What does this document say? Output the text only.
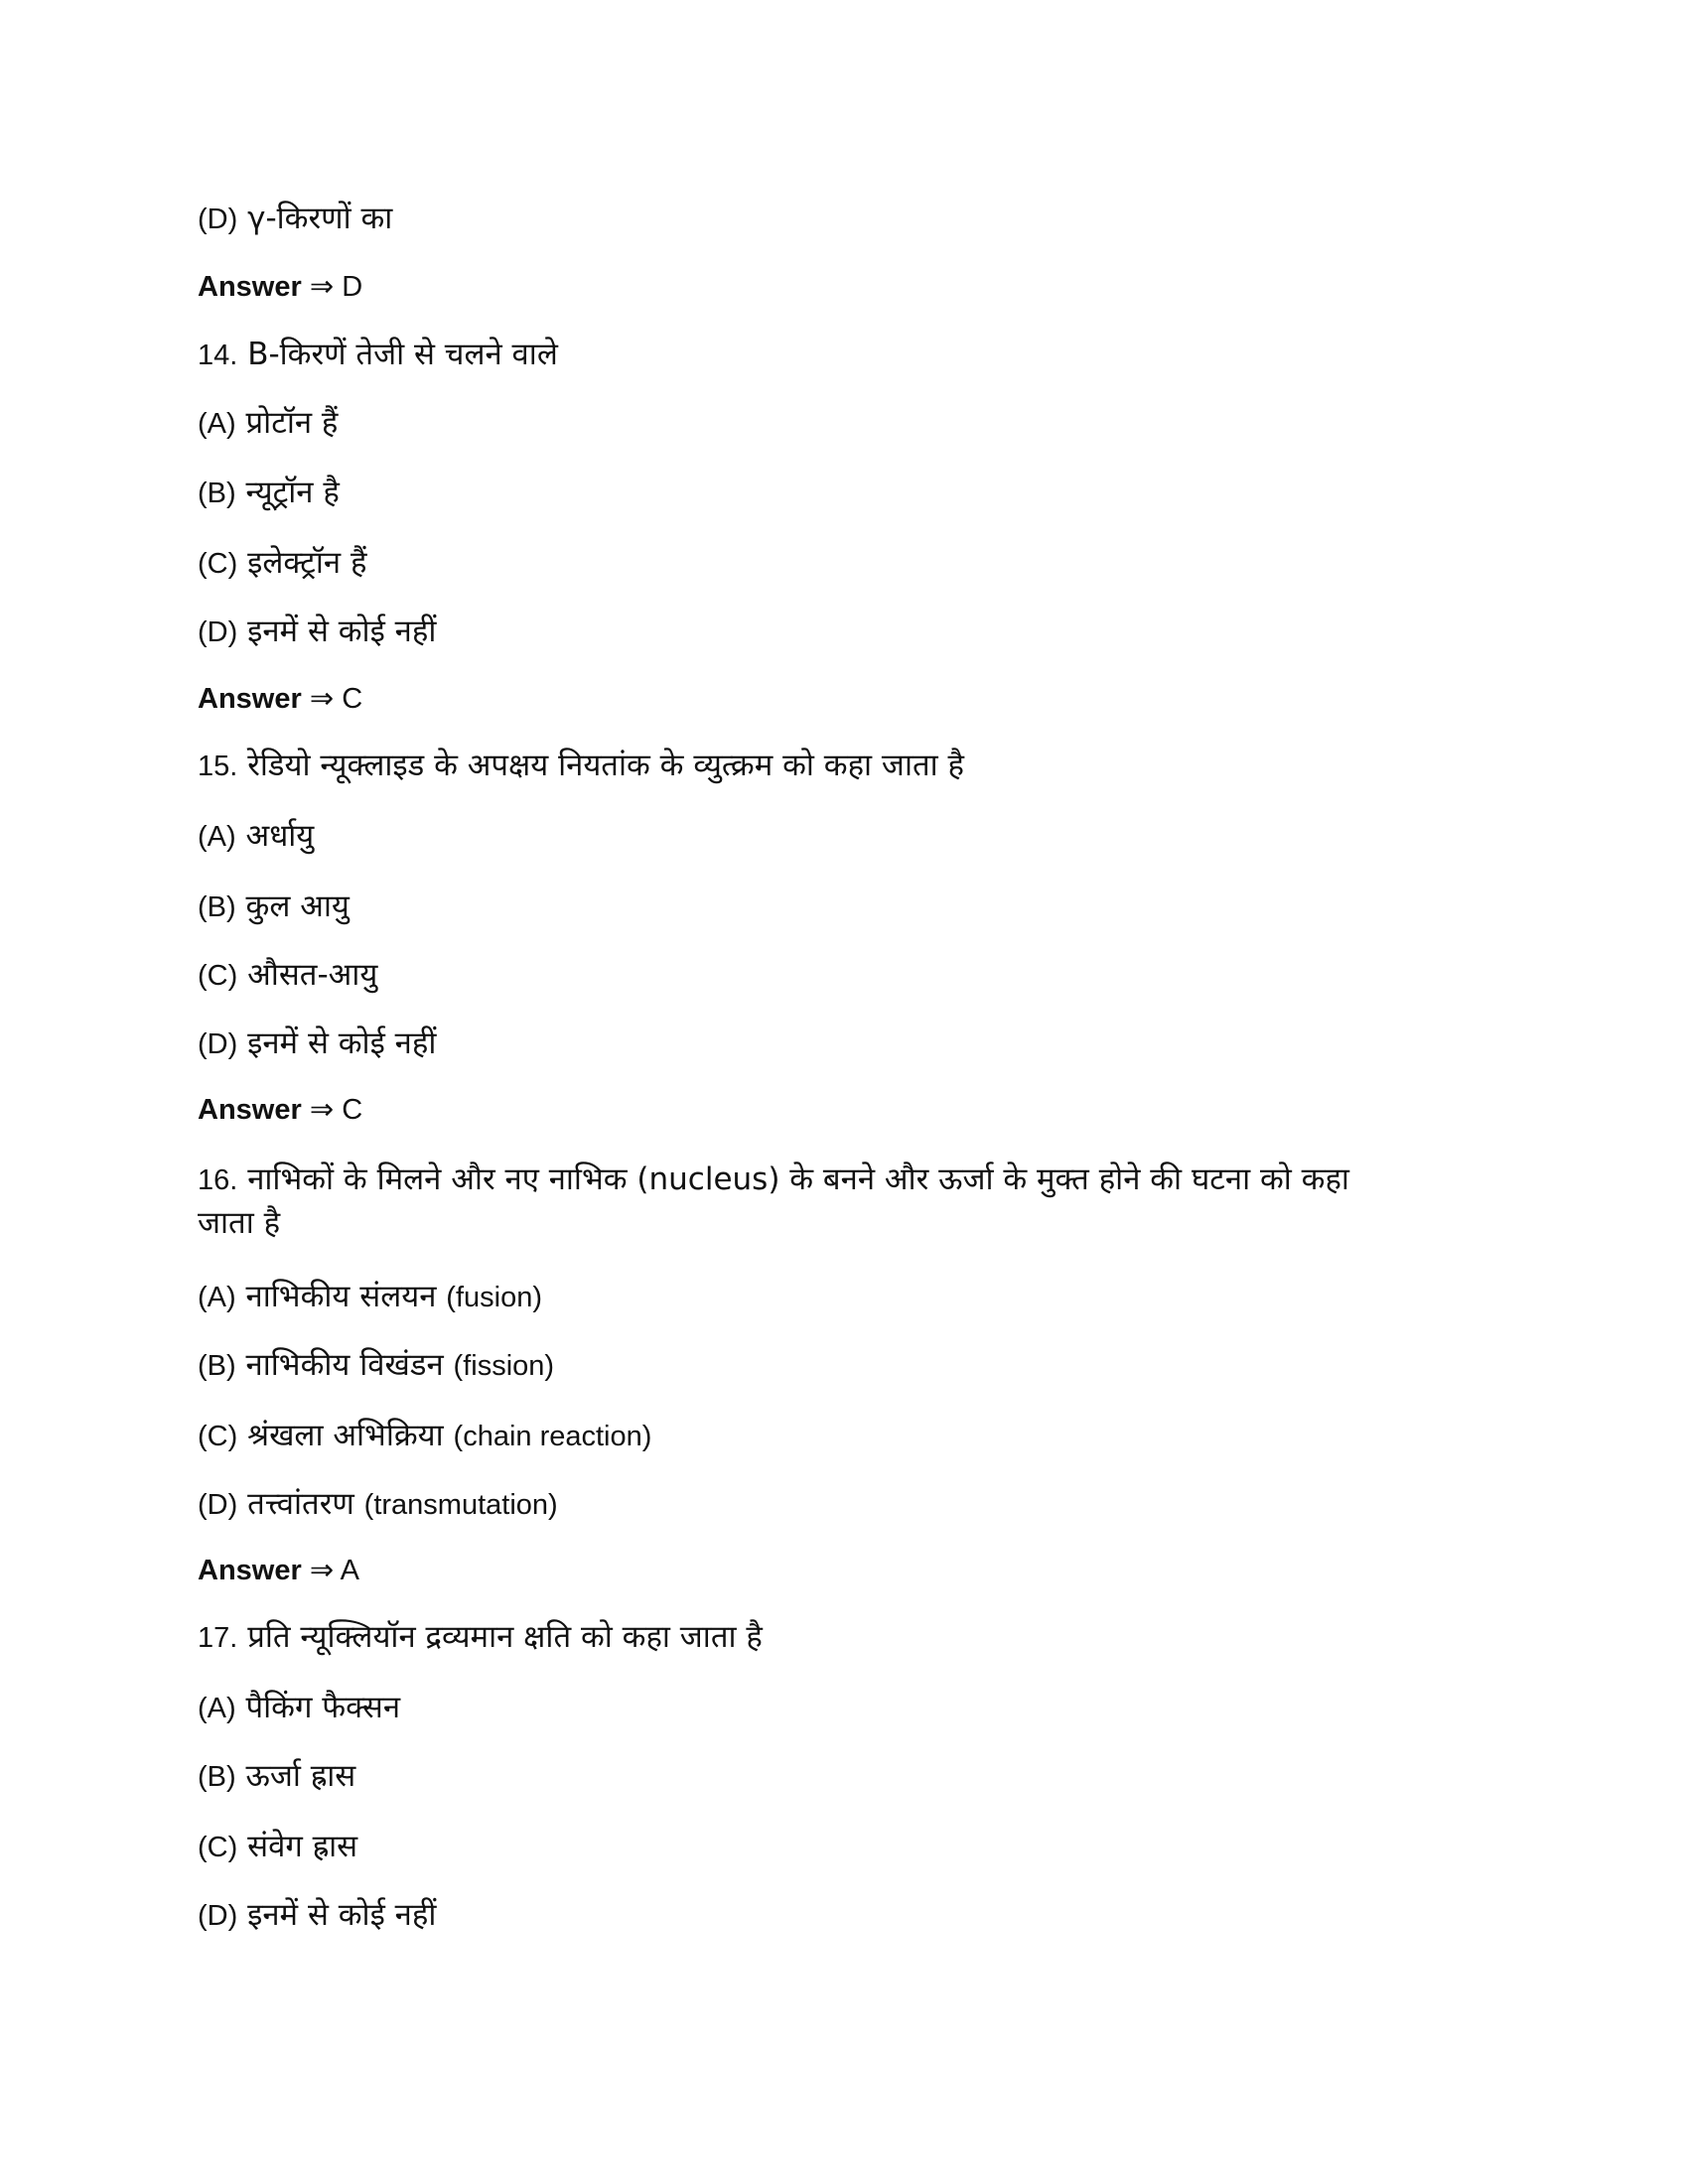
(D) γ-किरणों का
Answer ⇒ D
14. B-किरणें तेजी से चलने वाले
(A) प्रोटॉन हैं
(B) न्यूट्रॉन है
(C) इलेक्ट्रॉन हैं
(D) इनमें से कोई नहीं
Answer ⇒ C
15. रेडियो न्यूक्लाइड के अपक्षय नियतांक के व्युत्क्रम को कहा जाता है
(A) अर्धायु
(B) कुल आयु
(C) औसत-आयु
(D) इनमें से कोई नहीं
Answer ⇒ C
16. नाभिकों के मिलने और नए नाभिक (nucleus) के बनने और ऊर्जा के मुक्त होने की घटना को कहा
जाता है
(A) नाभिकीय संलयन (fusion)
(B) नाभिकीय विखंडन (fission)
(C) श्रंखला अभिक्रिया (chain reaction)
(D) तत्त्वांतरण (transmutation)
Answer ⇒ A
17. प्रति न्यूक्लियॉन द्रव्यमान क्षति को कहा जाता है
(A) पैकिंग फैक्सन
(B) ऊर्जा ह्रास
(C) संवेग ह्रास
(D) इनमें से कोई नहीं
